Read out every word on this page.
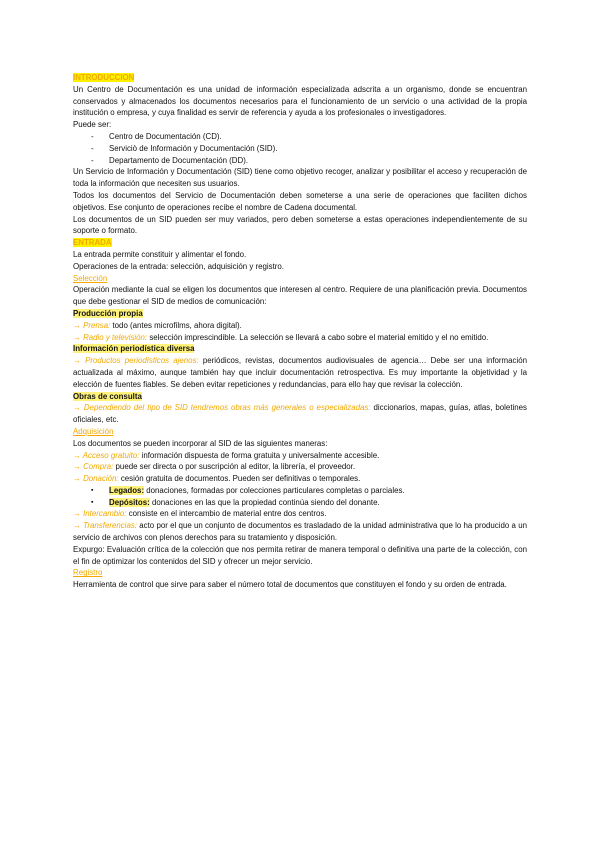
INTRODUCCION

Un Centro de Documentación es una unidad de información especializada adscrita a un organismo, donde se encuentran conservados y almacenados los documentos necesarios para el funcionamiento de un servicio o una actividad de la propia institución o empresa, y cuya finalidad es servir de referencia y ayuda a los profesionales o investigadores.

Puede ser:

- Centro de Documentación (CD).
- Serviciò de Información y Documentación (SID).
- Departamento de Documentación (DD).

Un Servicio de Información y Documentación (SID) tiene como objetivo recoger, analizar y posibilitar el acceso y recuperación de toda la información que necesiten sus usuarios.

Todos los documentos del Servicio de Documentación deben someterse a una serie de operaciones que faciliten dichos objetivos. Ese conjunto de operaciones recibe el nombre de Cadena documental.

Los documentos de un SID pueden ser muy variados, pero deben someterse a estas operaciones independientemente de su soporte o formato.

ENTRADA

La entrada permite constituir y alimentar el fondo.

Operaciones de la entrada: selección, adquisición y registro.

Selección

Operación mediante la cual se eligen los documentos que interesen al centro. Requiere de una planificación previa. Documentos que debe gestionar el SID de medios de comunicación:

Producción propia

→ Prensa: todo (antes microfilms, ahora digital).

→ Radio y televisión: selección imprescindible. La selección se llevará a cabo sobre el material emitido y el no emitido.

Información periodística diversa

→ Productos periodísticos ajenos: periódicos, revistas, documentos audiovisuales de agencia… Debe ser una información actualizada al máximo, aunque también hay que incluir documentación retrospectiva. Es muy importante la objetividad y la elección de fuentes fiables. Se deben evitar repeticiones y redundancias, para ello hay que revisar la colección.

Obras de consulta

→ Dependiendo del tipo de SID tendremos obras más generales o especializadas: diccionarios, mapas, guías, atlas, boletines oficiales, etc.

Adquisición

Los documentos se pueden incorporar al SID de las siguientes maneras:

→ Acceso gratuito: información dispuesta de forma gratuita y universalmente accesible.

→ Compra: puede ser directa o por suscripción al editor, la librería, el proveedor.

→ Donación: cesión gratuita de documentos. Pueden ser definitivas o temporales.

▪ Legados: donaciones, formadas por colecciones particulares completas o parciales.
▪ Depósitos: donaciones en las que la propiedad continúa siendo del donante.

→ Intercambio: consiste en el intercambio de material entre dos centros.

→ Transferencias: acto por el que un conjunto de documentos es trasladado de la unidad administrativa que lo ha producido a un servicio de archivos con plenos derechos para su tratamiento y disposición.

Expurgo: Evaluación crítica de la colección que nos permita retirar de manera temporal o definitiva una parte de la colección, con el fin de optimizar los contenidos del SID y ofrecer un mejor servicio.

Registro

Herramienta de control que sirve para saber el número total de documentos que constituyen el fondo y su orden de entrada.
